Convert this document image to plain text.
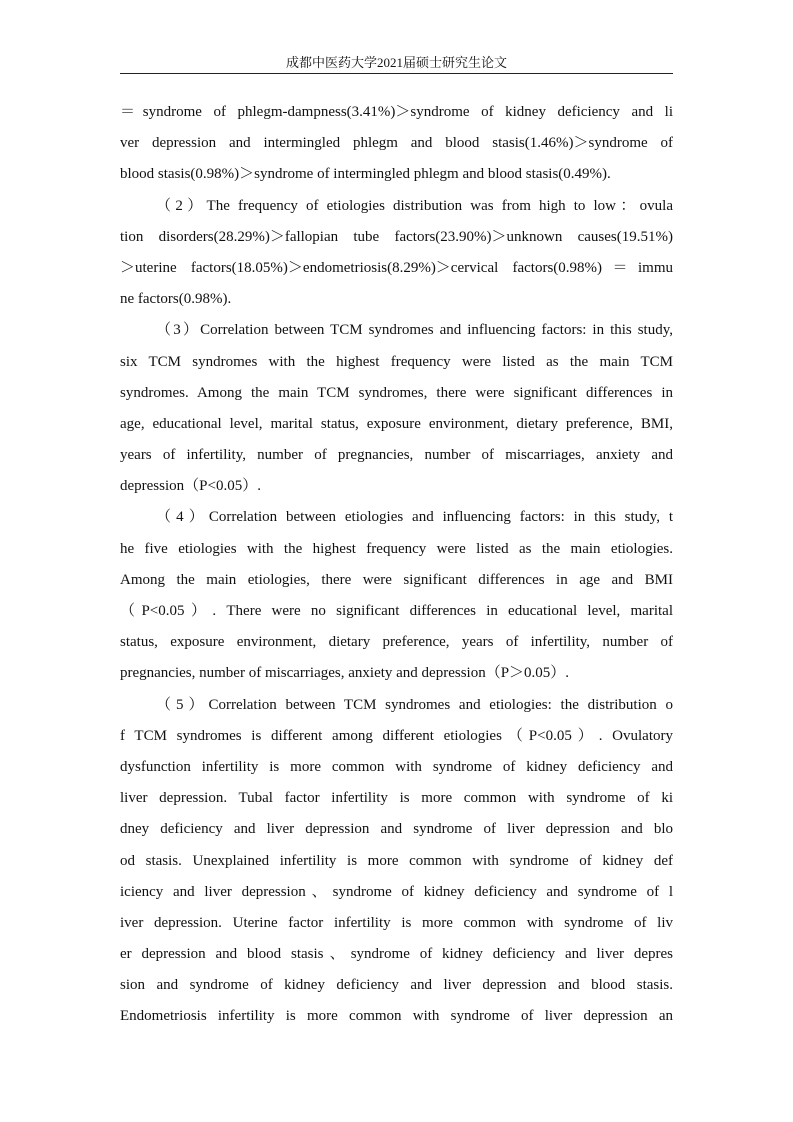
成都中医药大学2021届硕士研究生论文
＝syndrome of phlegm-dampness(3.41%)＞syndrome of kidney deficiency and li
ver depression and intermingled phlegm and blood stasis(1.46%)＞syndrome of
blood stasis(0.98%)＞syndrome of intermingled phlegm and blood stasis(0.49%).
（2）The frequency of etiologies distribution was from high to low：ovula
tion disorders(28.29%)＞fallopian tube factors(23.90%)＞unknown causes(19.51%)
＞uterine factors(18.05%)＞endometriosis(8.29%)＞cervical factors(0.98%)＝immu
ne factors(0.98%).
（3）Correlation between TCM syndromes and influencing factors: in this study,
six TCM syndromes with the highest frequency were listed as the main TCM
syndromes. Among the main TCM syndromes, there were significant differences in
age, educational level, marital status, exposure environment, dietary preference, BMI,
years of infertility, number of pregnancies, number of miscarriages, anxiety and
depression（P<0.05）.
（4）Correlation between etiologies and influencing factors: in this study, t
he five etiologies with the highest frequency were listed as the main etiologies.
Among the main etiologies, there were significant differences in age and BMI
（P<0.05）. There were no significant differences in educational level, marital
status, exposure environment, dietary preference, years of infertility, number of
pregnancies, number of miscarriages, anxiety and depression（P＞0.05）.
（5）Correlation between TCM syndromes and etiologies: the distribution o
f TCM syndromes is different among different etiologies（P<0.05）. Ovulatory
dysfunction infertility is more common with syndrome of kidney deficiency and
liver depression. Tubal factor infertility is more common with syndrome of ki
dney deficiency and liver depression and syndrome of liver depression and blo
od stasis. Unexplained infertility is more common with syndrome of kidney def
iciency and liver depression、syndrome of kidney deficiency and syndrome of l
iver depression. Uterine factor infertility is more common with syndrome of liv
er depression and blood stasis、syndrome of kidney deficiency and liver depres
sion and syndrome of kidney deficiency and liver depression and blood stasis.
Endometriosis infertility is more common with syndrome of liver depression an
